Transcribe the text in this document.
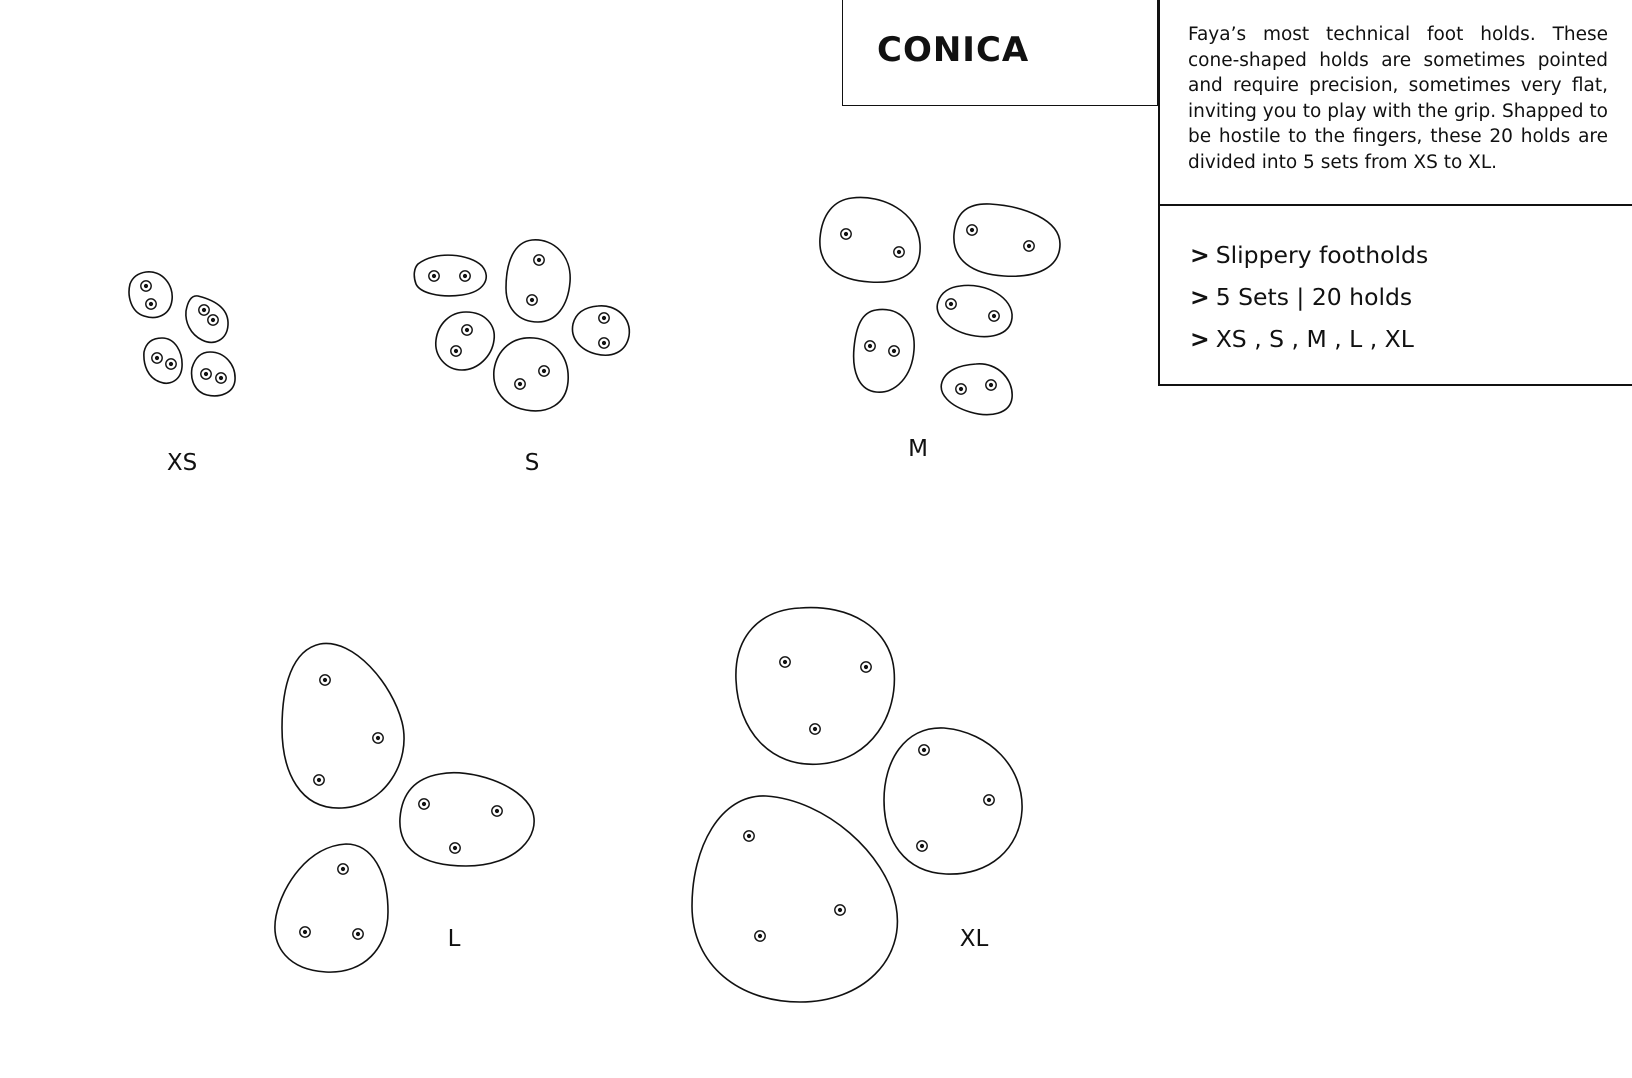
XS	S
M
L	XL
CONICA	Faya’s most technical foot holds. These cone-shaped holds are sometimes pointed and require precision, sometimes very flat, inviting you to play with the grip. Shapped to be hostile to the fingers, these 20 holds are divided into 5 sets from XS to XL.
> Slippery footholds
> 5 Sets | 20 holds
> XS , S , M , L , XL
